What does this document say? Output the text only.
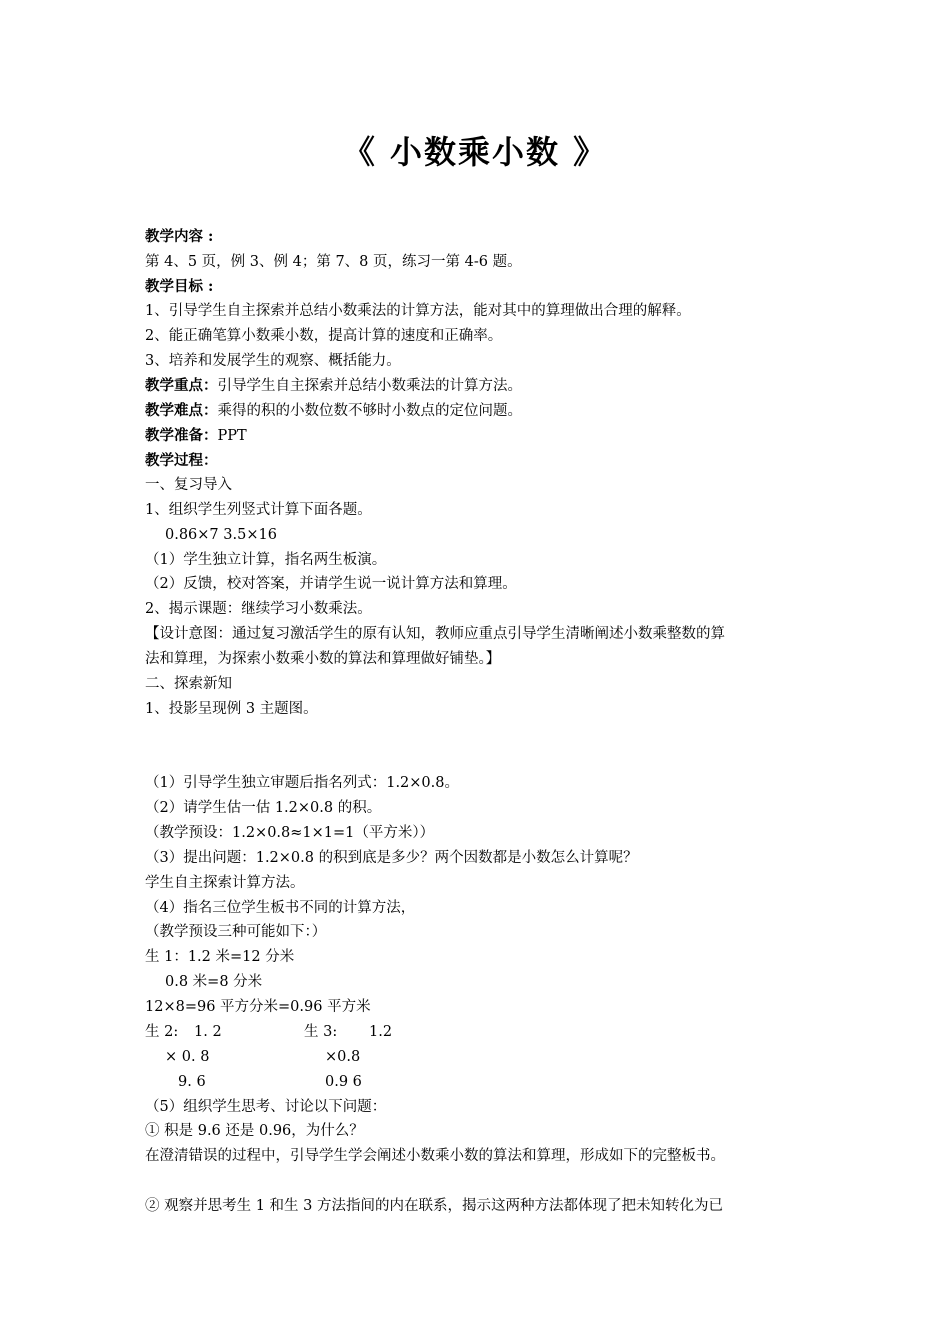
《 小数乘小数 》
教学内容 :
第 4、5 页，例 3、例 4；第 7、8 页，练习一第 4-6 题。
教学目标 :
1、引导学生自主探索并总结小数乘法的计算方法，能对其中的算理做出合理的解释。
2、能正确笔算小数乘小数，提高计算的速度和正确率。
3、培养和发展学生的观察、概括能力。
教学重点：引导学生自主探索并总结小数乘法的计算方法。
教学难点：乘得的积的小数位数不够时小数点的定位问题。
教学准备：PPT
教学过程：
一、复习导入
1、组织学生列竖式计算下面各题。
0.86×7 3.5×16
（1）学生独立计算，指名两生板演。
（2）反馈，校对答案，并请学生说一说计算方法和算理。
2、揭示课题：继续学习小数乘法。
【设计意图：通过复习激活学生的原有认知，教师应重点引导学生清晰阐述小数乘整数的算
法和算理，为探索小数乘小数的算法和算理做好铺垫。】
二、探索新知
1、投影呈现例 3 主题图。
（1）引导学生独立审题后指名列式：1.2×0.8。
（2）请学生估一估 1.2×0.8 的积。
（教学预设：1.2×0.8≈1×1=1（平方米））
（3）提出问题：1.2×0.8 的积到底是多少？两个因数都是小数怎么计算呢？
学生自主探索计算方法。
（4）指名三位学生板书不同的计算方法，
（教学预设三种可能如下：）
生 1：1.2 米=12 分米
0.8 米=8 分米
12×8=96 平方分米=0.96 平方米
生 2: 1. 2
× 0. 8
9. 6
生 3: 1.2
×0.8
0.9 6
（5）组织学生思考、讨论以下问题：
① 积是 9.6 还是 0.96，为什么？
在澄清错误的过程中，引导学生学会阐述小数乘小数的算法和算理，形成如下的完整板书。
② 观察并思考生 1 和生 3 方法指间的内在联系，揭示这两种方法都体现了把未知转化为已
